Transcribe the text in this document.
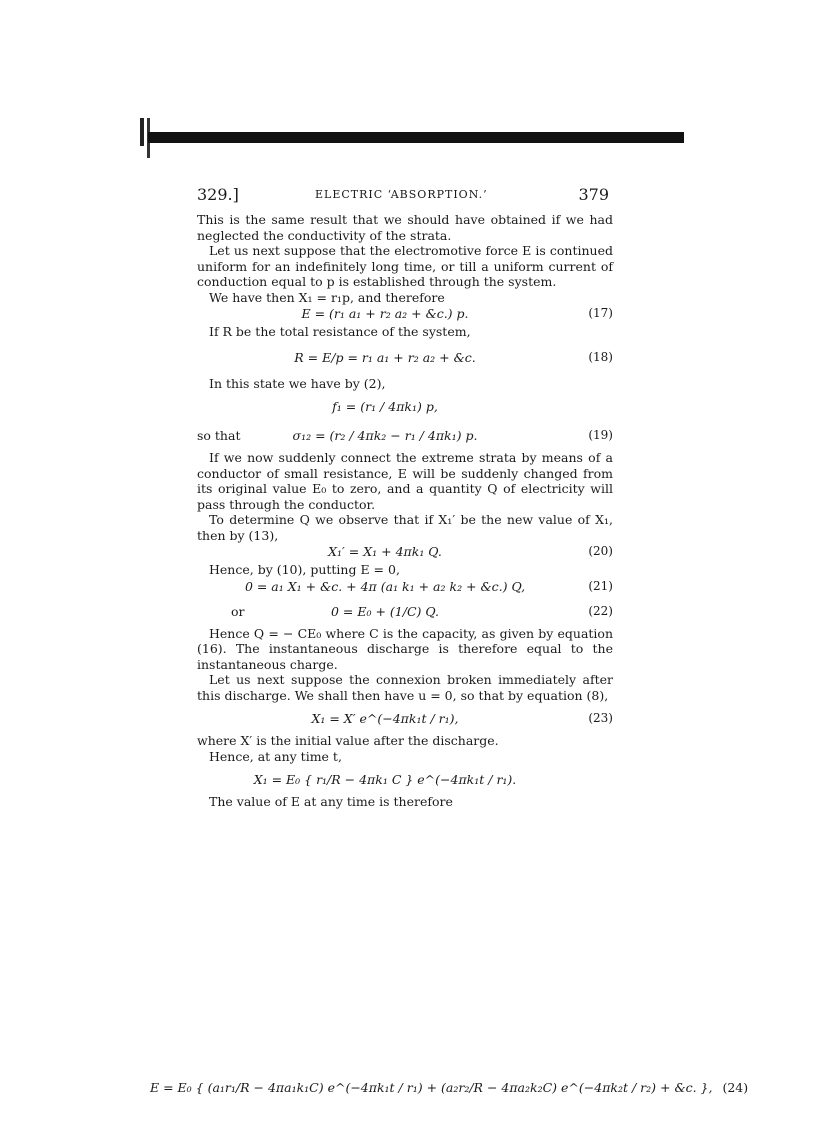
329.]	ELECTRIC ‘ABSORPTION.’	379

This is the same result that we should have obtained if we had neglected the conductivity of the strata.

Let us next suppose that the electromotive force E is continued uniform for an indefinitely long time, or till a uniform current of conduction equal to p is established through the system.

We have then X₁ = r₁p, and therefore

E = (r₁ a₁ + r₂ a₂ + &c.) p.	(17)

If R be the total resistance of the system,

R = E/p = r₁ a₁ + r₂ a₂ + &c.	(18)

In this state we have by (2),

f₁ = (r₁ / 4πk₁) p,
so that	σ₁₂ = (r₂ / 4πk₂ − r₁ / 4πk₁) p.	(19)

If we now suddenly connect the extreme strata by means of a conductor of small resistance, E will be suddenly changed from its original value E₀ to zero, and a quantity Q of electricity will pass through the conductor.

To determine Q we observe that if X₁′ be the new value of X₁, then by (13),

X₁′ = X₁ + 4πk₁ Q.	(20)

Hence, by (10), putting E = 0,

0 = a₁ X₁ + &c. + 4π (a₁ k₁ + a₂ k₂ + &c.) Q,	(21)
or	0 = E₀ + (1/C) Q.	(22)

Hence Q = − CE₀ where C is the capacity, as given by equation (16). The instantaneous discharge is therefore equal to the instantaneous charge.

Let us next suppose the connexion broken immediately after this discharge. We shall then have u = 0, so that by equation (8),

X₁ = X′ e^(−4πk₁t / r₁),	(23)

where X′ is the initial value after the discharge.

Hence, at any time t,

X₁ = E₀ { r₁/R − 4πk₁ C } e^(−4πk₁t / r₁).

The value of E at any time is therefore

E = E₀ { (a₁r₁/R − 4πa₁k₁C) e^(−4πk₁t / r₁) + (a₂r₂/R − 4πa₂k₂C) e^(−4πk₂t / r₂) + &c. }, (24)
